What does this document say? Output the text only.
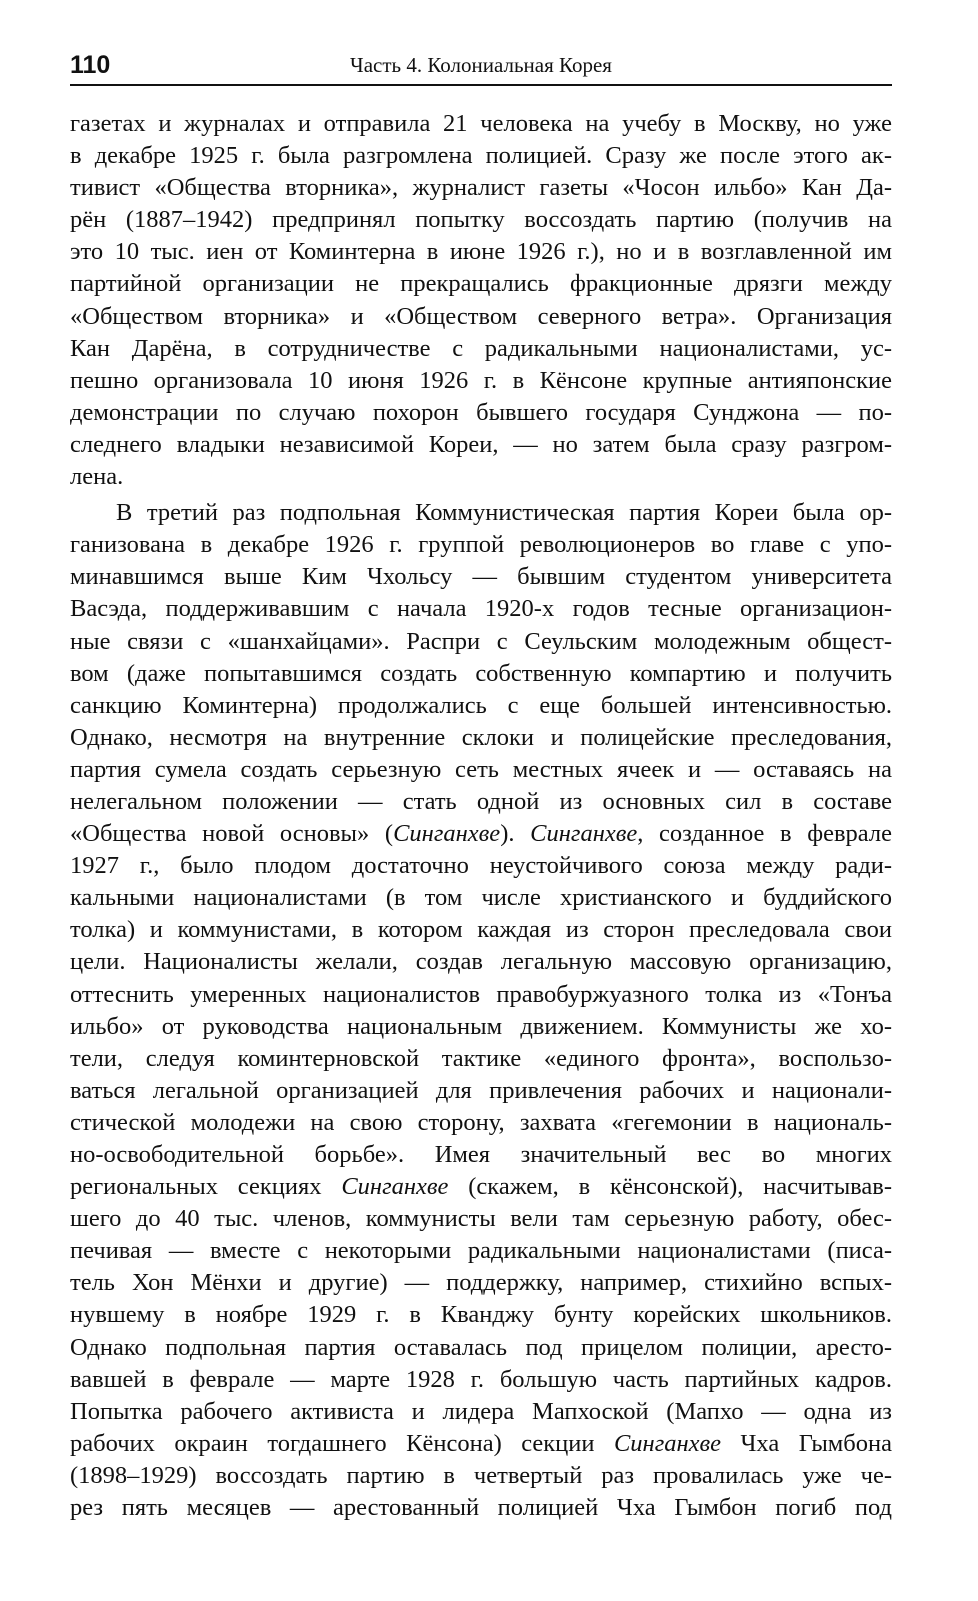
110	Часть 4. Колониальная Корея
газетах и журналах и отправила 21 человека на учебу в Москву, но уже
в декабре 1925 г. была разгромлена полицией. Сразу же после этого ак-
тивист «Общества вторника», журналист газеты «Чосон ильбо» Кан Да-
рён (1887–1942) предпринял попытку воссоздать партию (получив на
это 10 тыс. иен от Коминтерна в июне 1926 г.), но и в возглавленной им
партийной организации не прекращались фракционные дрязги между
«Обществом вторника» и «Обществом северного ветра». Организация
Кан Дарёна, в сотрудничестве с радикальными националистами, ус-
пешно организовала 10 июня 1926 г. в Кёнсоне крупные антияпонские
демонстрации по случаю похорон бывшего государя Сунджона — по-
следнего владыки независимой Кореи, — но затем была сразу разгром-
лена.
В третий раз подпольная Коммунистическая партия Кореи была ор-
ганизована в декабре 1926 г. группой революционеров во главе с упо-
минавшимся выше Ким Чхольсу — бывшим студентом университета
Васэда, поддерживавшим с начала 1920-х годов тесные организацион-
ные связи с «шанхайцами». Распри с Сеульским молодежным общест-
вом (даже попытавшимся создать собственную компартию и получить
санкцию Коминтерна) продолжались с еще большей интенсивностью.
Однако, несмотря на внутренние склоки и полицейские преследования,
партия сумела создать серьезную сеть местных ячеек и — оставаясь на
нелегальном положении — стать одной из основных сил в составе
«Общества новой основы» (Синганхве). Синганхве, созданное в феврале
1927 г., было плодом достаточно неустойчивого союза между ради-
кальными националистами (в том числе христианского и буддийского
толка) и коммунистами, в котором каждая из сторон преследовала свои
цели. Националисты желали, создав легальную массовую организацию,
оттеснить умеренных националистов правобуржуазного толка из «Тонъа
ильбо» от руководства национальным движением. Коммунисты же хо-
тели, следуя коминтерновской тактике «единого фронта», воспользо-
ваться легальной организацией для привлечения рабочих и национали-
стической молодежи на свою сторону, захвата «гегемонии в националь-
но-освободительной борьбе». Имея значительный вес во многих
региональных секциях Синганхве (скажем, в кёнсонской), насчитывав-
шего до 40 тыс. членов, коммунисты вели там серьезную работу, обес-
печивая — вместе с некоторыми радикальными националистами (писа-
тель Хон Мёнхи и другие) — поддержку, например, стихийно вспых-
нувшему в ноябре 1929 г. в Кванджу бунту корейских школьников.
Однако подпольная партия оставалась под прицелом полиции, аресто-
вавшей в феврале — марте 1928 г. большую часть партийных кадров.
Попытка рабочего активиста и лидера Мапхоской (Мапхо — одна из
рабочих окраин тогдашнего Кёнсона) секции Синганхве Чха Гымбона
(1898–1929) воссоздать партию в четвертый раз провалилась уже че-
рез пять месяцев — арестованный полицией Чха Гымбон погиб под
